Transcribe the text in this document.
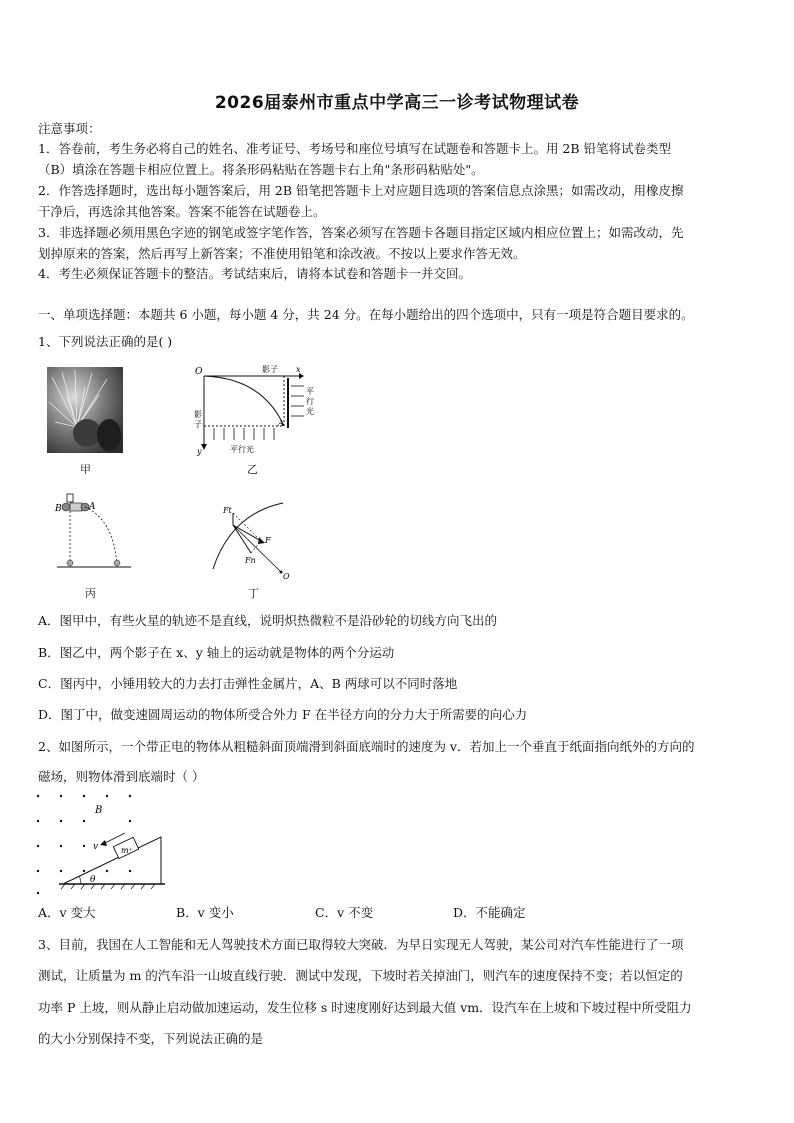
2026届泰州市重点中学高三一诊考试物理试卷
注意事项：
1．答卷前，考生务必将自己的姓名、准考证号、考场号和座位号填写在试题卷和答题卡上。用 2B 铅笔将试卷类型
（B）填涂在答题卡相应位置上。将条形码粘贴在答题卡右上角"条形码粘贴处"。
2．作答选择题时，选出每小题答案后，用 2B 铅笔把答题卡上对应题目选项的答案信息点涂黑；如需改动，用橡皮擦
干净后，再选涂其他答案。答案不能答在试题卷上。
3．非选择题必须用黑色字迹的钢笔或签字笔作答，答案必须写在答题卡各题目指定区域内相应位置上；如需改动，先
划掉原来的答案，然后再写上新答案；不准使用铅笔和涂改液。不按以上要求作答无效。
4．考生必须保证答题卡的整洁。考试结束后，请将本试卷和答题卡一并交回。
一、单项选择题：本题共 6 小题，每小题 4 分，共 24 分。在每小题给出的四个选项中，只有一项是符合题目要求的。
1、下列说法正确的是( )
甲
O	影子 x
影
子
y	平行光
平
行
光
A
乙
B	A
丙
Ft
F
Fn
O
丁
A．图甲中，有些火星的轨迹不是直线，说明炽热微粒不是沿砂轮的切线方向飞出的
B．图乙中，两个影子在 x、y 轴上的运动就是物体的两个分运动
C．图丙中，小锤用较大的力去打击弹性金属片，A、B 两球可以不同时落地
D．图丁中，做变速圆周运动的物体所受合外力 F 在半径方向的分力大于所需要的向心力
2、如图所示，一个带正电的物体从粗糙斜面顶端滑到斜面底端时的速度为 v．若加上一个垂直于纸面指向纸外的方向的
磁场，则物体滑到底端时（ ）
B
v	m⁺
θ
A．v 变大	B．v 变小	C．v 不变	D．不能确定
3、目前，我国在人工智能和无人驾驶技术方面已取得较大突破．为早日实现无人驾驶，某公司对汽车性能进行了一项
测试，让质量为 m 的汽车沿一山坡直线行驶．测试中发现，下坡时若关掉油门，则汽车的速度保持不变；若以恒定的
功率 P 上坡，则从静止启动做加速运动，发生位移 s 时速度刚好达到最大值 vm．设汽车在上坡和下坡过程中所受阻力
的大小分别保持不变，下列说法正确的是
